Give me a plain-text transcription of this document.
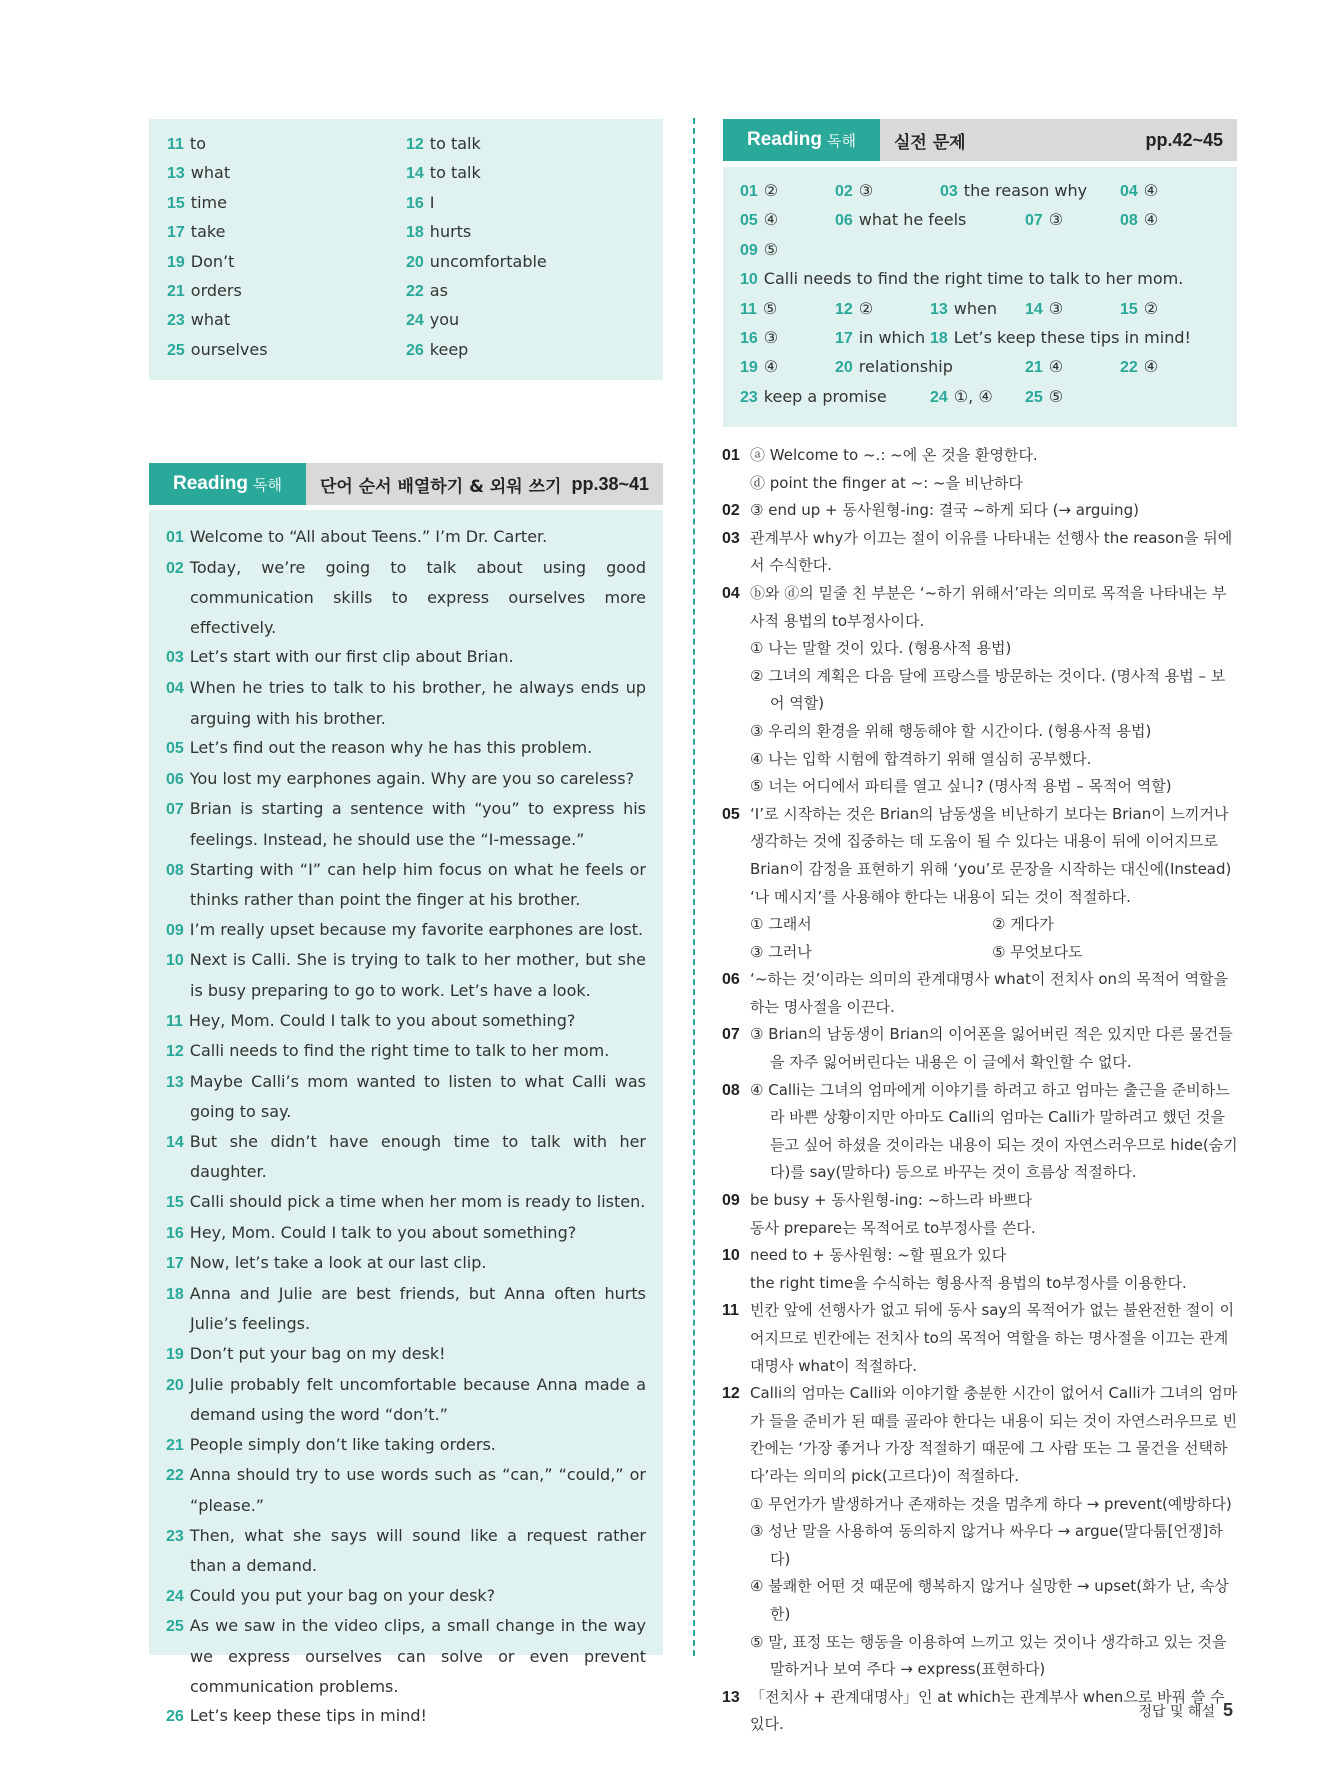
11 to	12 to talk
13 what	14 to talk
15 time	16 I
17 take	18 hurts
19 Don’t	20 uncomfortable
21 orders	22 as
23 what	24 you
25 ourselves	26 keep
Reading 독해 단어 순서 배열하기 & 외워 쓰기 pp.38~41
01 Welcome to “All about Teens.” I’m Dr. Carter.
02 Today, we’re going to talk about using good communication skills to express ourselves more effectively.
03 Let’s start with our first clip about Brian.
04 When he tries to talk to his brother, he always ends up arguing with his brother.
05 Let’s find out the reason why he has this problem.
06 You lost my earphones again. Why are you so careless?
07 Brian is starting a sentence with “you” to express his feelings. Instead, he should use the “I-message.”
08 Starting with “I” can help him focus on what he feels or thinks rather than point the finger at his brother.
09 I’m really upset because my favorite earphones are lost.
10 Next is Calli. She is trying to talk to her mother, but she is busy preparing to go to work. Let’s have a look.
11 Hey, Mom. Could I talk to you about something?
12 Calli needs to find the right time to talk to her mom.
13 Maybe Calli’s mom wanted to listen to what Calli was going to say.
14 But she didn’t have enough time to talk with her daughter.
15 Calli should pick a time when her mom is ready to listen.
16 Hey, Mom. Could I talk to you about something?
17 Now, let’s take a look at our last clip.
18 Anna and Julie are best friends, but Anna often hurts Julie’s feelings.
19 Don’t put your bag on my desk!
20 Julie probably felt uncomfortable because Anna made a demand using the word “don’t.”
21 People simply don’t like taking orders.
22 Anna should try to use words such as “can,” “could,” or “please.”
23 Then, what she says will sound like a request rather than a demand.
24 Could you put your bag on your desk?
25 As we saw in the video clips, a small change in the way we express ourselves can solve or even prevent communication problems.
26 Let’s keep these tips in mind!
Reading 독해 실전 문제	pp.42~45
01 ②	02 ③	03 the reason why 04 ④
05 ④	06 what he feels	07 ③	08 ④
09 ⑤
10 Calli needs to find the right time to talk to her mom.
11 ⑤	12 ②	13 when 14 ③	15 ②
16 ③	17 in which 18 Let’s keep these tips in mind!
19 ④	20 relationship	21 ④	22 ④
23 keep a promise	24 ①, ④ 25 ⑤
01 ⓐ Welcome to ~.: ~에 온 것을 환영한다.
ⓓ point the finger at ~: ~을 비난하다
02 ③ end up + 동사원형-ing: 결국 ~하게 되다 (→ arguing)
03 관계부사 why가 이끄는 절이 이유를 나타내는 선행사 the reason을 뒤에서 수식한다.
04 ⓑ와 ⓓ의 밑줄 친 부분은 ‘~하기 위해서’라는 의미로 목적을 나타내는 부사적 용법의 to부정사이다.
① 나는 말할 것이 있다. (형용사적 용법)
② 그녀의 계획은 다음 달에 프랑스를 방문하는 것이다. (명사적 용법 – 보어 역할)
③ 우리의 환경을 위해 행동해야 할 시간이다. (형용사적 용법)
④ 나는 입학 시험에 합격하기 위해 열심히 공부했다.
⑤ 너는 어디에서 파티를 열고 싶니? (명사적 용법 – 목적어 역할)
05 ‘I’로 시작하는 것은 Brian의 남동생을 비난하기 보다는 Brian이 느끼거나 생각하는 것에 집중하는 데 도움이 될 수 있다는 내용이 뒤에 이어지므로 Brian이 감정을 표현하기 위해 ‘you’로 문장을 시작하는 대신에(Instead) ‘나 메시지’를 사용해야 한다는 내용이 되는 것이 적절하다.
① 그래서	② 게다가
③ 그러나	⑤ 무엇보다도
06 ‘~하는 것’이라는 의미의 관계대명사 what이 전치사 on의 목적어 역할을 하는 명사절을 이끈다.
07 ③ Brian의 남동생이 Brian의 이어폰을 잃어버린 적은 있지만 다른 물건들을 자주 잃어버린다는 내용은 이 글에서 확인할 수 없다.
08 ④ Calli는 그녀의 엄마에게 이야기를 하려고 하고 엄마는 출근을 준비하느라 바쁜 상황이지만 아마도 Calli의 엄마는 Calli가 말하려고 했던 것을 듣고 싶어 하셨을 것이라는 내용이 되는 것이 자연스러우므로 hide(숨기다)를 say(말하다) 등으로 바꾸는 것이 흐름상 적절하다.
09 be busy + 동사원형-ing: ~하느라 바쁘다
동사 prepare는 목적어로 to부정사를 쓴다.
10 need to + 동사원형: ~할 필요가 있다
the right time을 수식하는 형용사적 용법의 to부정사를 이용한다.
11 빈칸 앞에 선행사가 없고 뒤에 동사 say의 목적어가 없는 불완전한 절이 이어지므로 빈칸에는 전치사 to의 목적어 역할을 하는 명사절을 이끄는 관계대명사 what이 적절하다.
12 Calli의 엄마는 Calli와 이야기할 충분한 시간이 없어서 Calli가 그녀의 엄마가 들을 준비가 된 때를 골라야 한다는 내용이 되는 것이 자연스러우므로 빈칸에는 ‘가장 좋거나 가장 적절하기 때문에 그 사람 또는 그 물건을 선택하다’라는 의미의 pick(고르다)이 적절하다.
① 무언가가 발생하거나 존재하는 것을 멈추게 하다 → prevent(예방하다)
③ 성난 말을 사용하여 동의하지 않거나 싸우다 → argue(말다툼[언쟁]하다)
④ 불쾌한 어떤 것 때문에 행복하지 않거나 실망한 → upset(화가 난, 속상한)
⑤ 말, 표정 또는 행동을 이용하여 느끼고 있는 것이나 생각하고 있는 것을 말하거나 보여 주다 → express(표현하다)
13 「전치사 + 관계대명사」인 at which는 관계부사 when으로 바꿔 쓸 수 있다.
정답 및 해설 5
